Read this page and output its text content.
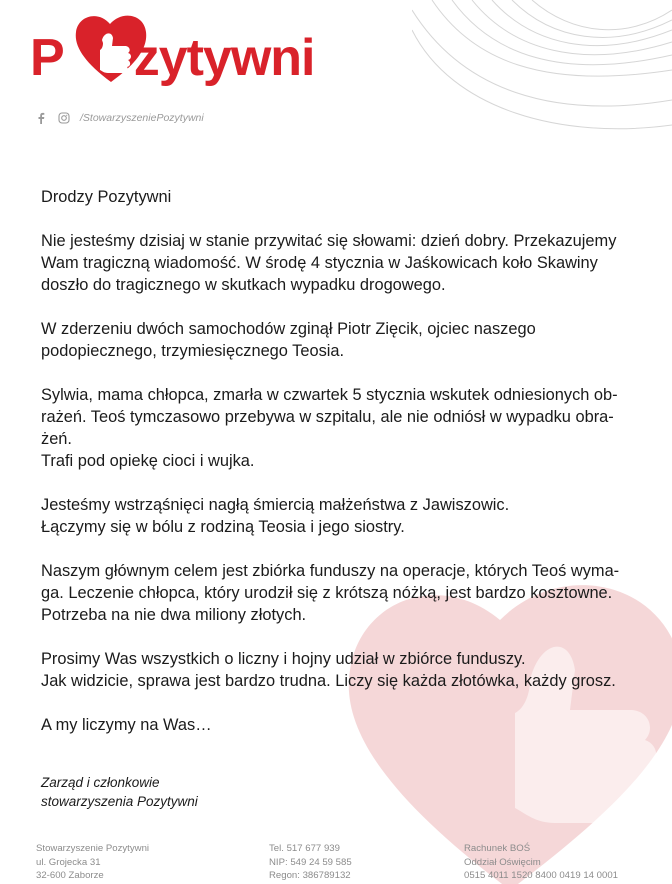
P zytywni
/StowarzyszeniePozytywni

Drodzy Pozytywni

Nie jesteśmy dzisiaj w stanie przywitać się słowami: dzień dobry. Przekazujemy
Wam tragiczną wiadomość. W środę 4 stycznia w Jaśkowicach koło Skawiny
doszło do tragicznego w skutkach wypadku drogowego.

W zderzeniu dwóch samochodów zginął Piotr Zięcik, ojciec naszego
podopiecznego, trzymiesięcznego Teosia.

Sylwia, mama chłopca, zmarła w czwartek 5 stycznia wskutek odniesionych ob-
rażeń. Teoś tymczasowo przebywa w szpitalu, ale nie odniósł w wypadku obra-
żeń.
Trafi pod opiekę cioci i wujka.

Jesteśmy wstrząśnięci nagłą śmiercią małżeństwa z Jawiszowic.
Łączymy się w bólu z rodziną Teosia i jego siostry.

Naszym głównym celem jest zbiórka funduszy na operacje, których Teoś wyma-
ga. Leczenie chłopca, który urodził się z krótszą nóżką, jest bardzo kosztowne.
Potrzeba na nie dwa miliony złotych.

Prosimy Was wszystkich o liczny i hojny udział w zbiórce funduszy.
Jak widzicie, sprawa jest bardzo trudna. Liczy się każda złotówka, każdy grosz.

A my liczymy na Was…

Zarząd i członkowie

stowarzyszenia Pozytywni

Stowarzyszenie Pozytywni

ul. Grojecka 31

32-600 Zaborze

Tel. 517 677 939

NIP: 549 24 59 585

Regon: 386789132

Rachunek BOŚ

Oddział Oświęcim

0515 4011 1520 8400 0419 14 0001
